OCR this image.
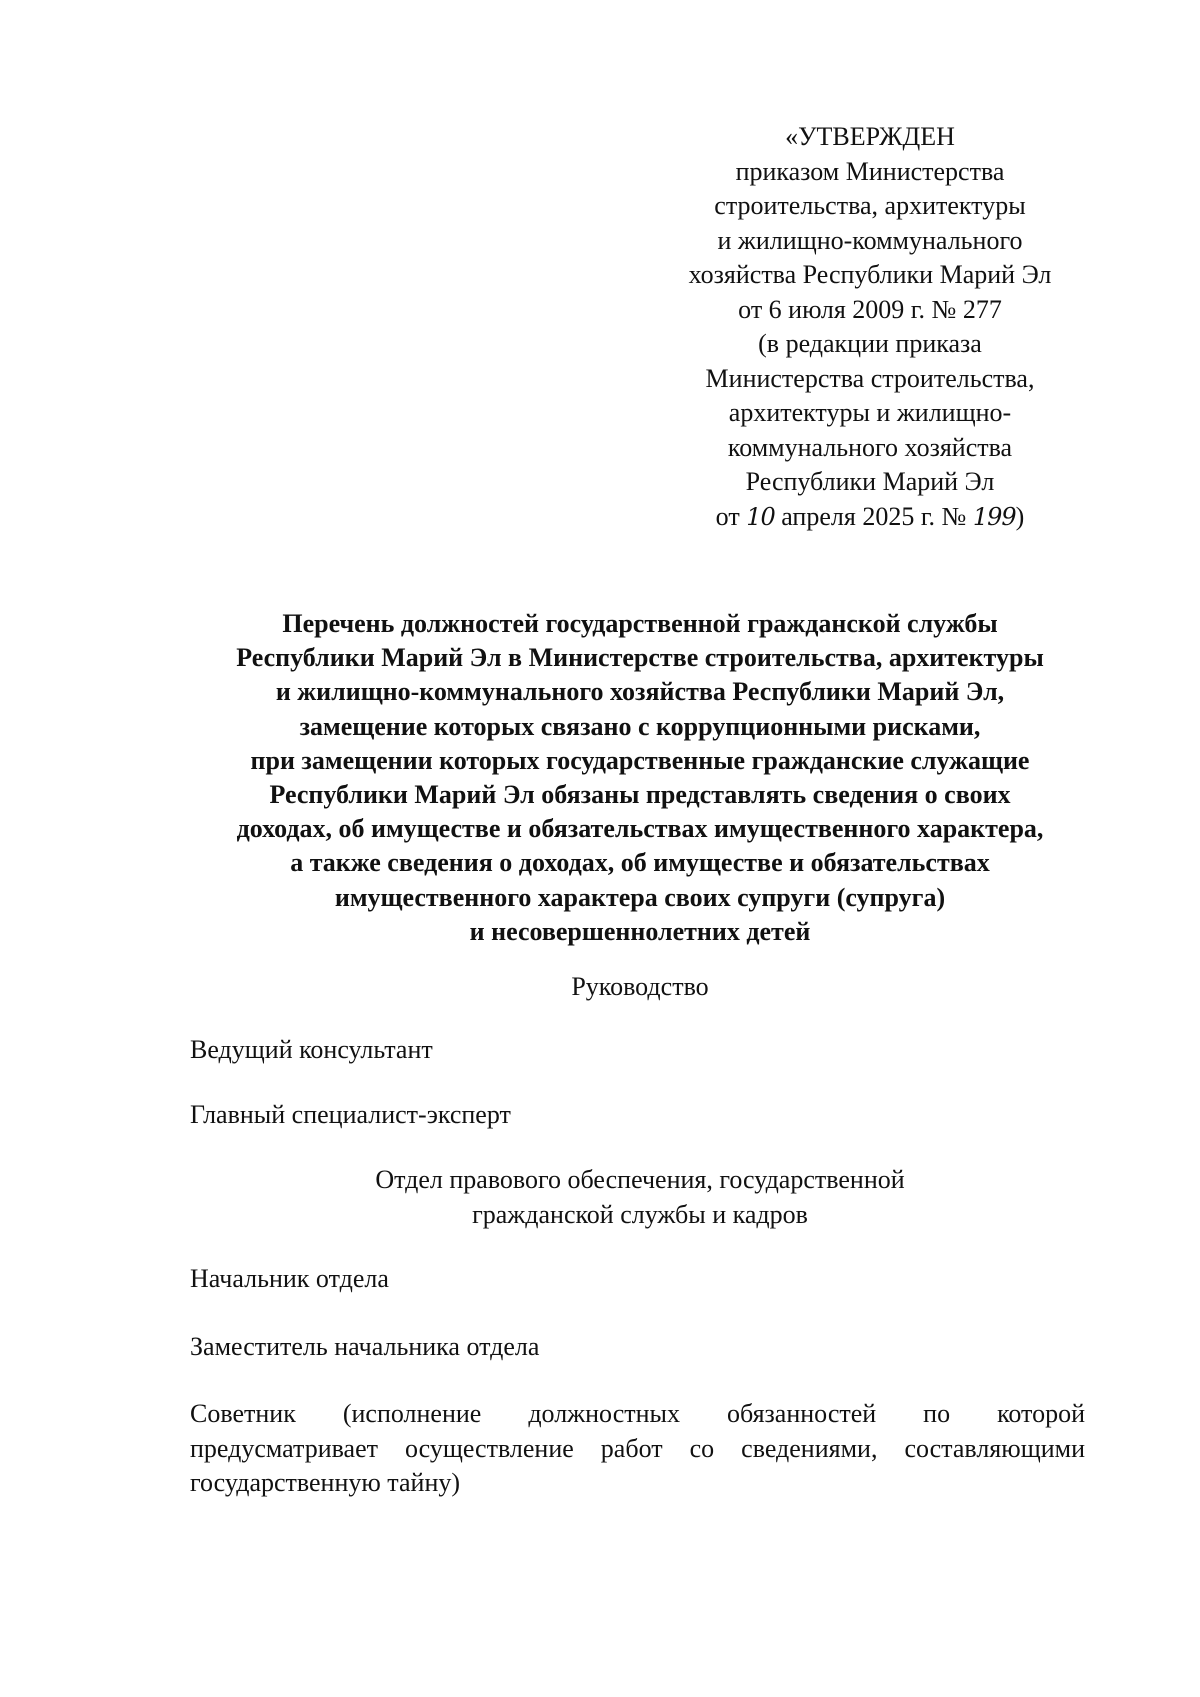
«УТВЕРЖДЕН
приказом Министерства
строительства, архитектуры
и жилищно-коммунального
хозяйства Республики Марий Эл
от 6 июля 2009 г. № 277
(в редакции приказа
Министерства строительства,
архитектуры и жилищно-
коммунального хозяйства
Республики Марий Эл
от 10 апреля 2025 г. № 199)
Перечень должностей государственной гражданской службы
Республики Марий Эл в Министерстве строительства, архитектуры
и жилищно-коммунального хозяйства Республики Марий Эл,
замещение которых связано с коррупционными рисками,
при замещении которых государственные гражданские служащие
Республики Марий Эл обязаны представлять сведения о своих
доходах, об имуществе и обязательствах имущественного характера,
а также сведения о доходах, об имуществе и обязательствах
имущественного характера своих супруги (супруга)
и несовершеннолетних детей
Руководство
Ведущий консультант
Главный специалист-эксперт
Отдел правового обеспечения, государственной
гражданской службы и кадров
Начальник отдела
Заместитель начальника отдела
Советник (исполнение должностных обязанностей по которой
предусматривает осуществление работ со сведениями, составляющими
государственную тайну)
